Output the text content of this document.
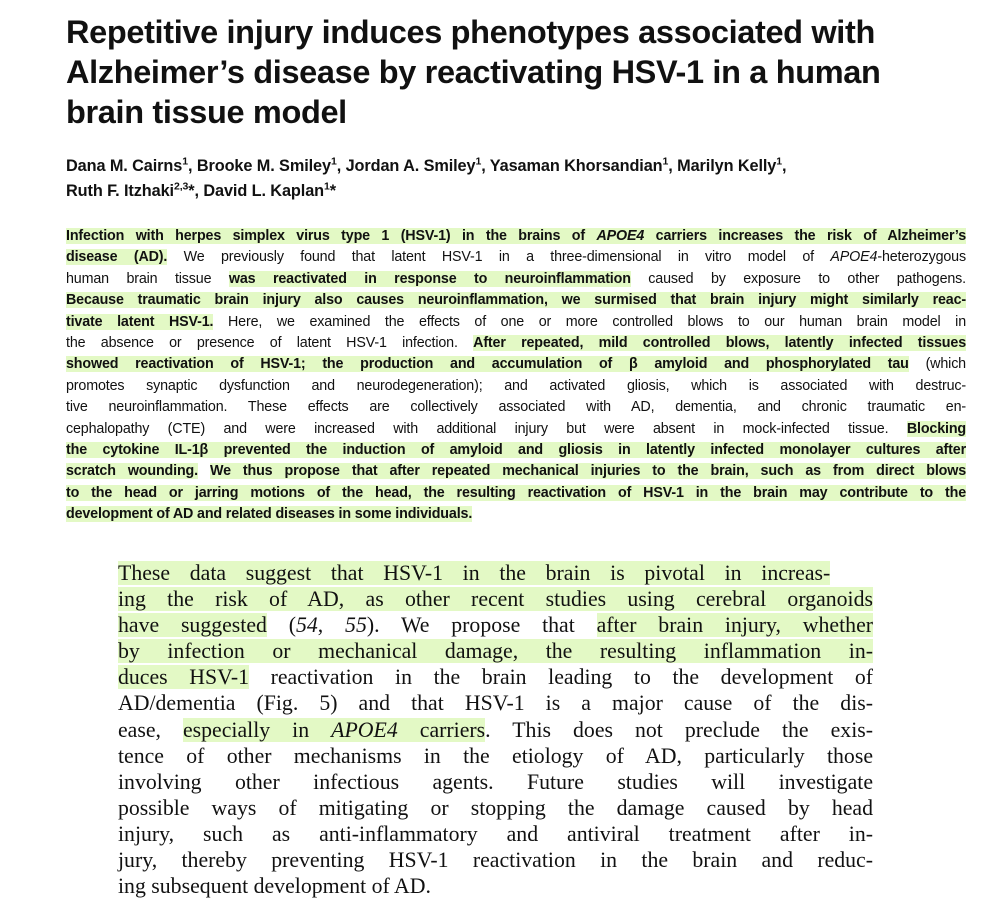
Repetitive injury induces phenotypes associated with
Alzheimer’s disease by reactivating HSV-1 in a human
brain tissue model

Dana M. Cairns$^1$, Brooke M. Smiley$^1$, Jordan A. Smiley$^1$, Yasaman Khorsandian$^1$, Marilyn Kelly$^1$,
Ruth F. Itzhaki$^{2,3}$*, David L. Kaplan$^1$*

Infection with herpes simplex virus type 1 (HSV-1) in the brains of APOE4 carriers increases the risk of Alzheimer’s
disease (AD). We previously found that latent HSV-1 in a three-dimensional in vitro model of APOE4-heterozygous
human brain tissue was reactivated in response to neuroinflammation caused by exposure to other pathogens.
Because traumatic brain injury also causes neuroinflammation, we surmised that brain injury might similarly reac-
tivate latent HSV-1. Here, we examined the effects of one or more controlled blows to our human brain model in
the absence or presence of latent HSV-1 infection. After repeated, mild controlled blows, latently infected tissues
showed reactivation of HSV-1; the production and accumulation of β amyloid and phosphorylated tau (which
promotes synaptic dysfunction and neurodegeneration); and activated gliosis, which is associated with destruc-
tive neuroinflammation. These effects are collectively associated with AD, dementia, and chronic traumatic en-
cephalopathy (CTE) and were increased with additional injury but were absent in mock-infected tissue. Blocking
the cytokine IL-1β prevented the induction of amyloid and gliosis in latently infected monolayer cultures after
scratch wounding. We thus propose that after repeated mechanical injuries to the brain, such as from direct blows
to the head or jarring motions of the head, the resulting reactivation of HSV-1 in the brain may contribute to the
development of AD and related diseases in some individuals.
These data suggest that HSV-1 in the brain is pivotal in increas-
ing the risk of AD, as other recent studies using cerebral organoids
have suggested (54, 55). We propose that after brain injury, whether
by infection or mechanical damage, the resulting inflammation in-
duces HSV-1 reactivation in the brain leading to the development of
AD/dementia (Fig. 5) and that HSV-1 is a major cause of the dis-
ease, especially in APOE4 carriers. This does not preclude the exis-
tence of other mechanisms in the etiology of AD, particularly those
involving other infectious agents. Future studies will investigate
possible ways of mitigating or stopping the damage caused by head
injury, such as anti-inflammatory and antiviral treatment after in-
jury, thereby preventing HSV-1 reactivation in the brain and reduc-
ing subsequent development of AD.
